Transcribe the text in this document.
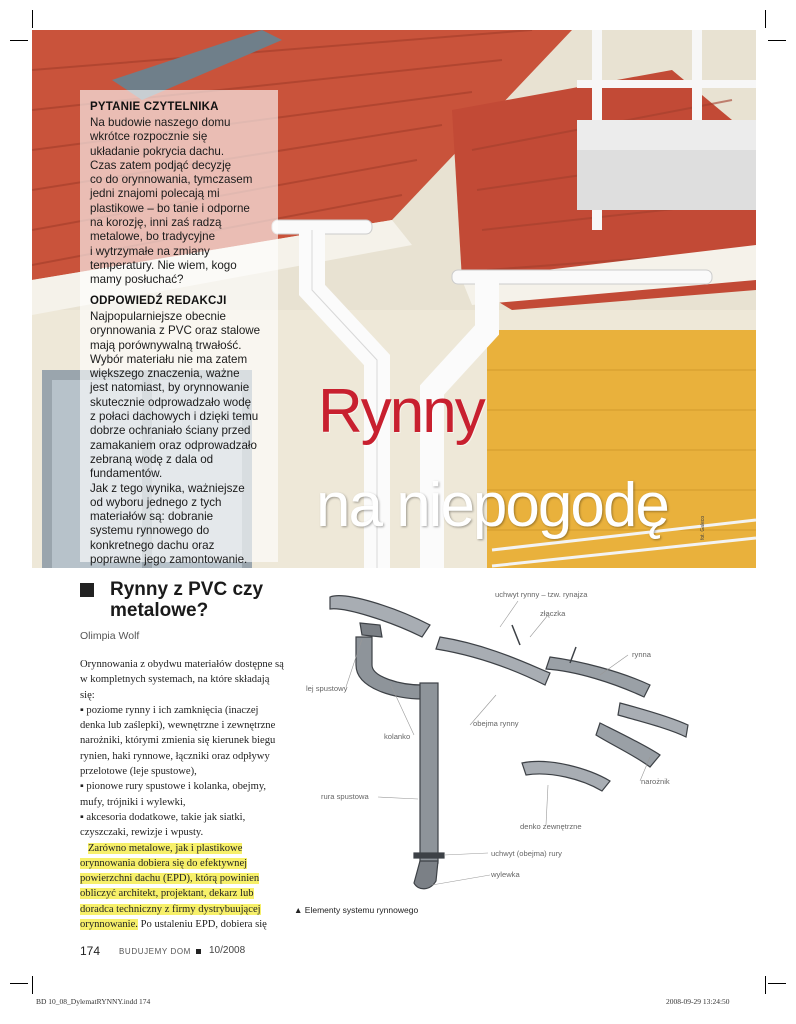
PYTANIE CZYTELNIKA
Na budowie naszego domu
wkrótce rozpocznie się
układanie pokrycia dachu.
Czas zatem podjąć decyzję
co do orynnowania, tymczasem
jedni znajomi polecają mi
plastikowe – bo tanie i odporne
na korozję, inni zaś radzą
metalowe, bo tradycyjne
i wytrzymałe na zmiany
temperatury. Nie wiem, kogo
mamy posłuchać?
ODPOWIEDŹ REDAKCJI
Najpopularniejsze obecnie
orynnowania z PVC oraz stalowe
mają porównywalną trwałość.
Wybór materiału nie ma zatem
większego znaczenia, ważne
jest natomiast, by orynnowanie
skutecznie odprowadzało wodę
z połaci dachowych i dzięki temu
dobrze ochraniało ściany przed
zamakaniem oraz odprowadzało
zebraną wodę z dala od
fundamentów.
Jak z tego wynika, ważniejsze
od wyboru jednego z tych
materiałów są: dobranie
systemu rynnowego do
konkretnego dachu oraz
poprawne jego zamontowanie.
Rynny
na niepogodę	fot. Galeco
Rynny z PVC czy metalowe?
Olimpia Wolf

Orynnowania z obydwu materiałów dostępne są w kompletnych systemach, na które składają się:

▪ poziome rynny i ich zamknięcia (inaczej denka lub zaślepki), wewnętrzne i zewnętrzne narożniki, którymi zmienia się kierunek biegu rynien, haki rynnowe, łączniki oraz odpływy przelotowe (leje spustowe),

▪ pionowe rury spustowe i kolanka, obejmy, mufy, trójniki i wylewki,

▪ akcesoria dodatkowe, takie jak siatki, czyszczaki, rewizje i wpusty.

Zarówno metalowe, jak i plastikowe orynnowania dobiera się do efektywnej powierzchni dachu (EPD), którą powinien obliczyć architekt, projektant, dekarz lub doradca techniczny z firmy dystrybuującej orynnowanie. Po ustaleniu EPD, dobiera się

uchwyt rynny – tzw. rynajza
złączka
rynna
lej spustowy
obejma rynny
kolanko
narożnik
rura spustowa
denko zewnętrzne
uchwyt (obejma) rury
wylewka
▲ Elementy systemu rynnowego
174 BUDUJEMY DOM 10/2008
BD 10_08_DylematRYNNY.indd 174	2008-09-29 13:24:50
